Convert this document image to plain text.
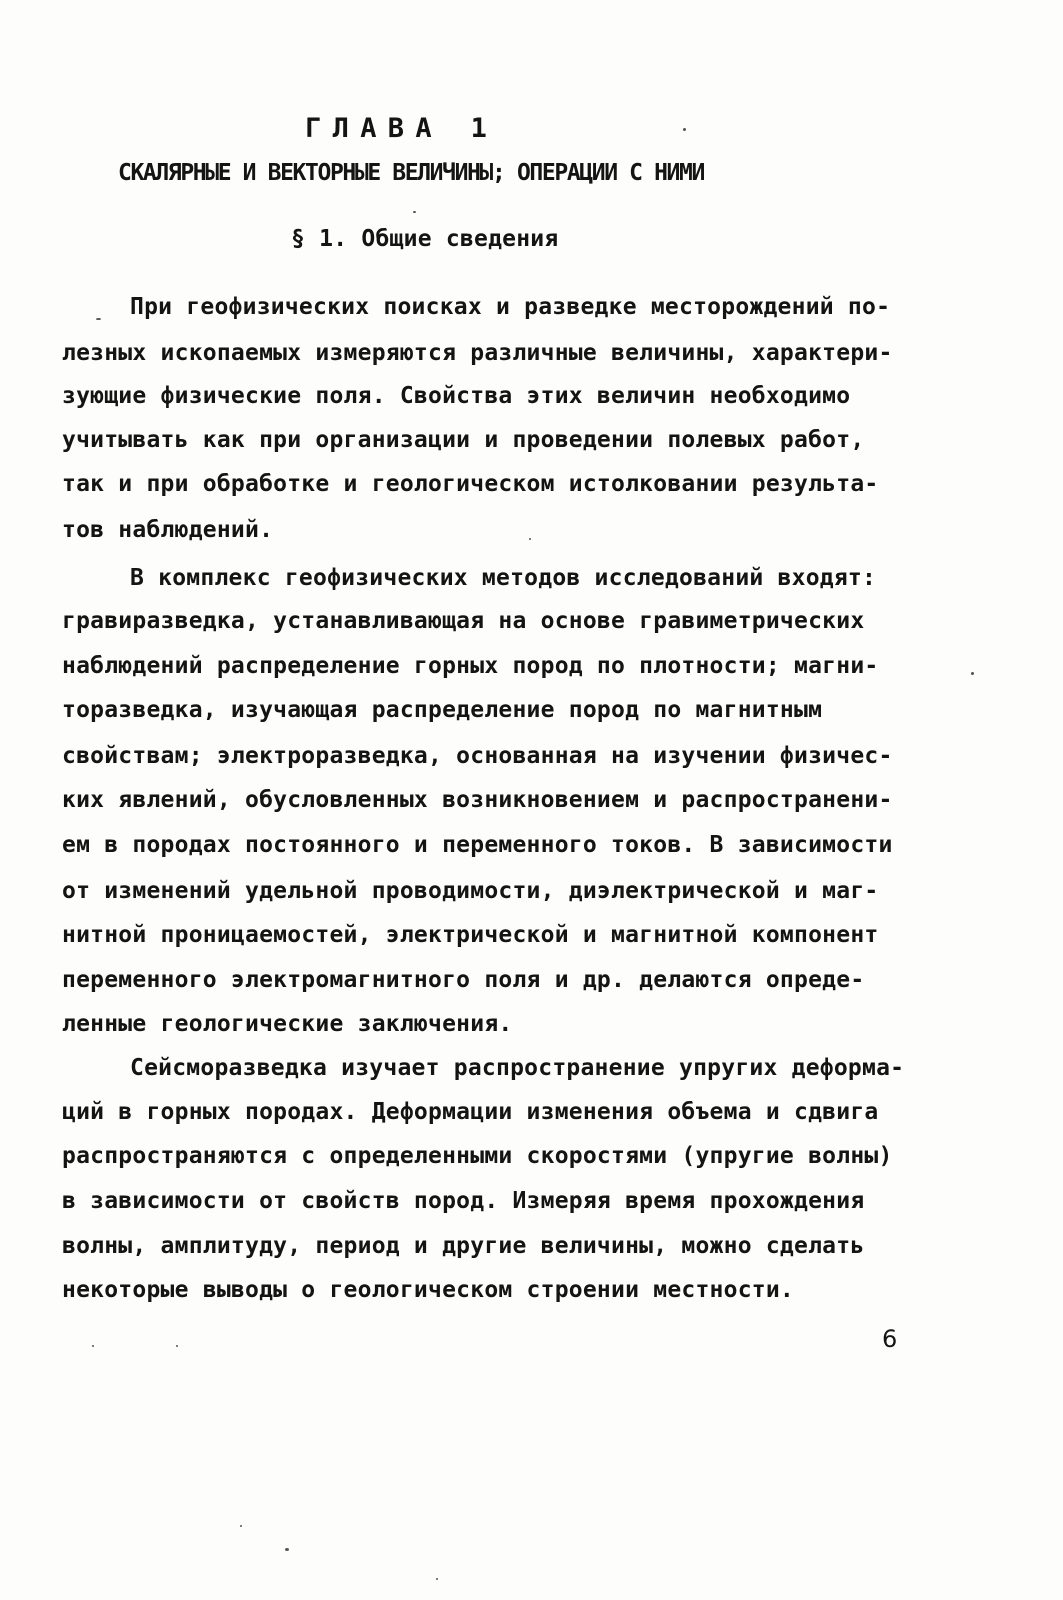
ГЛАВА 1
СКАЛЯРНЫЕ И ВЕКТОРНЫЕ ВЕЛИЧИНЫ; ОПЕРАЦИИ С НИМИ
§ 1. Общие сведения
При геофизических поисках и разведке месторождений по-
лезных ископаемых измеряются различные величины, характери-
зующие физические поля. Свойства этих величин необходимо
учитывать как при организации и проведении полевых работ,
так и при обработке и геологическом истолковании результа-
тов наблюдений.
В комплекс геофизических методов исследований входят:
гравиразведка, устанавливающая на основе гравиметрических
наблюдений распределение горных пород по плотности; магни-
торазведка, изучающая распределение пород по магнитным
свойствам; электроразведка, основанная на изучении физичес-
ких явлений, обусловленных возникновением и распространени-
ем в породах постоянного и переменного токов. В зависимости
от изменений удельной проводимости, диэлектрической и маг-
нитной проницаемостей, электрической и магнитной компонент
переменного электромагнитного поля и др. делаются опреде-
ленные геологические заключения.
Сейсморазведка изучает распространение упругих деформа-
ций в горных породах. Деформации изменения объема и сдвига
распространяются с определенными скоростями (упругие волны)
в зависимости от свойств пород. Измеряя время прохождения
волны, амплитуду, период и другие величины, можно сделать
некоторые выводы о геологическом строении местности.
6
